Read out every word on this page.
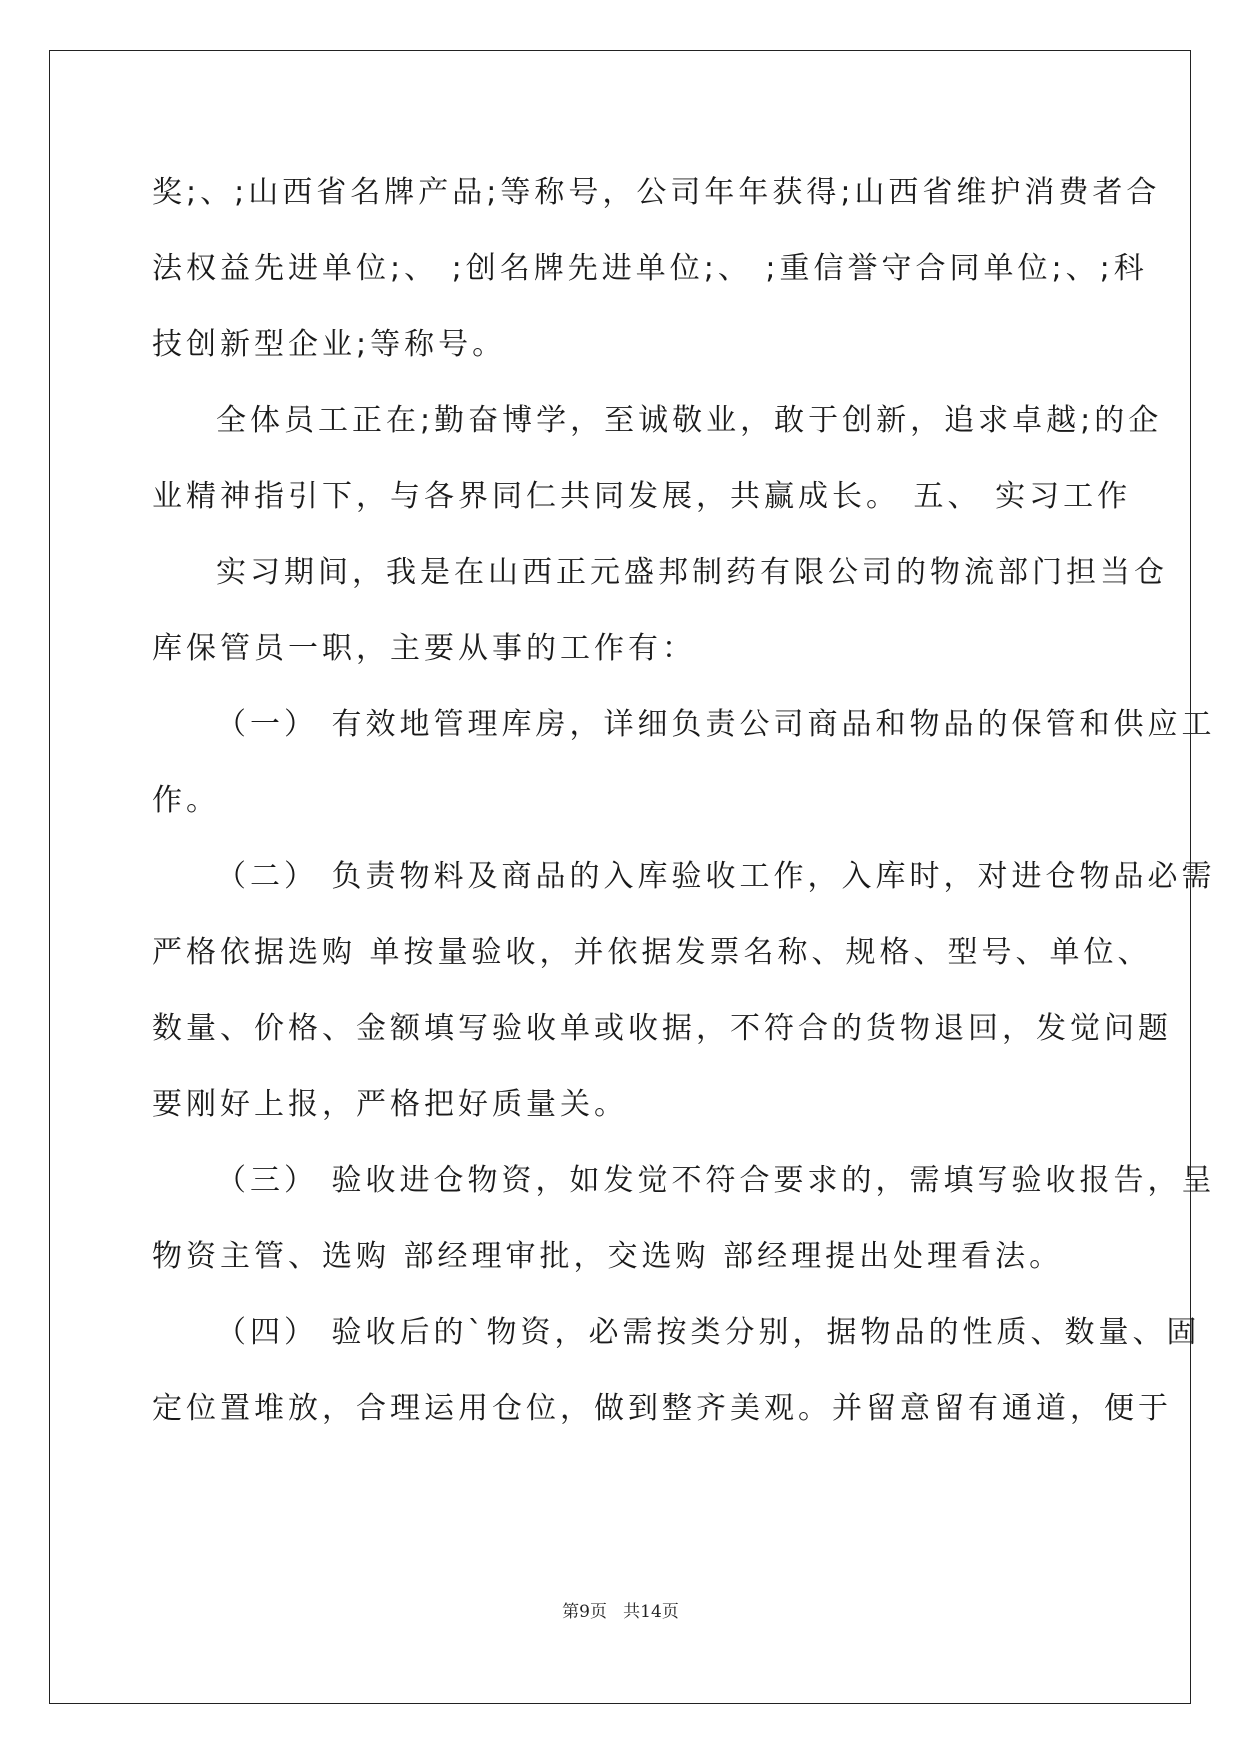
奖;、;山西省名牌产品;等称号，公司年年获得;山西省维护消费者合
法权益先进单位;、 ;创名牌先进单位;、 ;重信誉守合同单位;、;科
技创新型企业;等称号。
全体员工正在;勤奋博学，至诚敬业，敢于创新，追求卓越;的企
业精神指引下，与各界同仁共同发展，共赢成长。 五、 实习工作
实习期间，我是在山西正元盛邦制药有限公司的物流部门担当仓
库保管员一职，主要从事的工作有：
（一） 有效地管理库房，详细负责公司商品和物品的保管和供应工
作。
（二） 负责物料及商品的入库验收工作，入库时，对进仓物品必需
严格依据选购 单按量验收，并依据发票名称、规格、型号、单位、
数量、价格、金额填写验收单或收据，不符合的货物退回，发觉问题
要刚好上报，严格把好质量关。
（三） 验收进仓物资，如发觉不符合要求的，需填写验收报告，呈
物资主管、选购 部经理审批，交选购 部经理提出处理看法。
（四） 验收后的`物资，必需按类分别，据物品的性质、数量、固
定位置堆放，合理运用仓位，做到整齐美观。并留意留有通道，便于
第9页   共14页
